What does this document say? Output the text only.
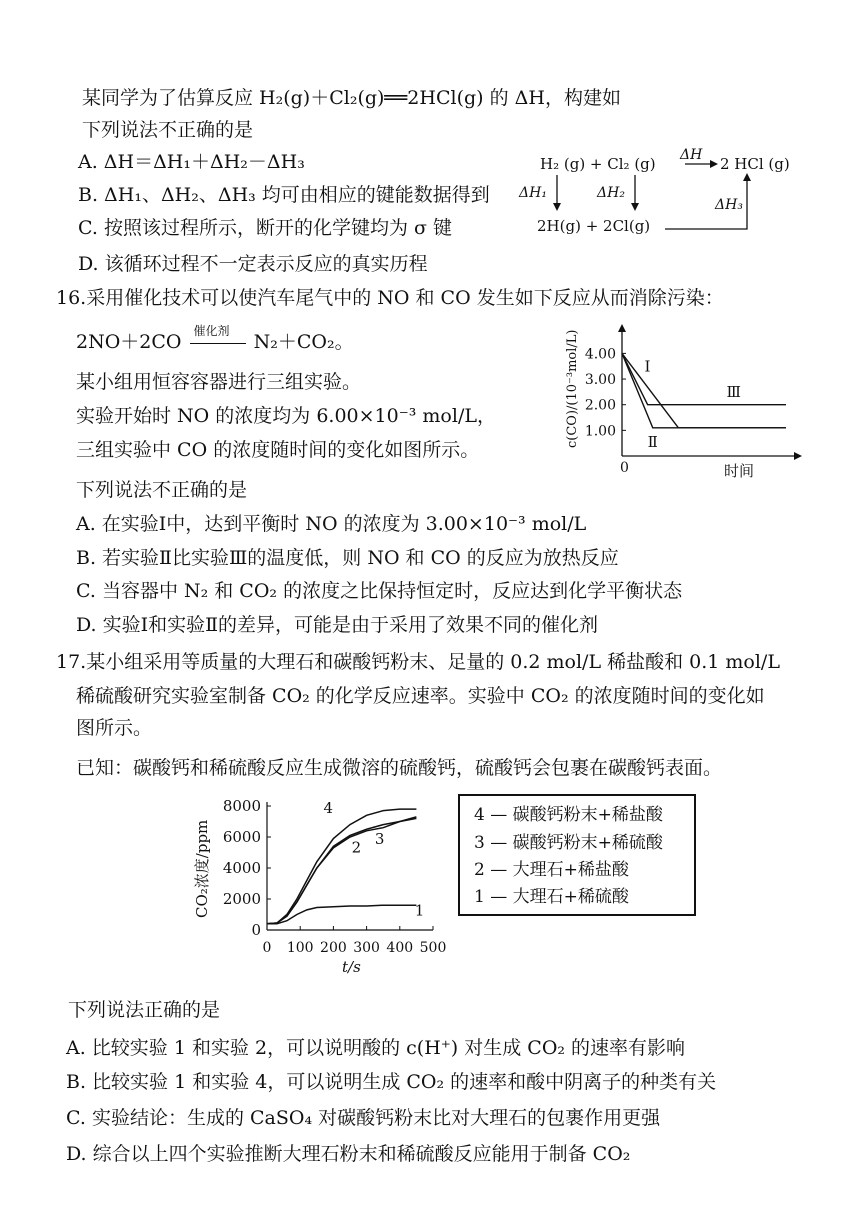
某同学为了估算反应 H₂(g)＋Cl₂(g)══2HCl(g) 的 ΔH，构建如
下列说法不正确的是
A. ΔH＝ΔH₁＋ΔH₂－ΔH₃
B. ΔH₁、ΔH₂、ΔH₃ 均可由相应的键能数据得到
C. 按照该过程所示，断开的化学键均为 σ 键
D. 该循环过程不一定表示反应的真实历程
H₂ (g) + Cl₂ (g) ΔH 2 HCl (g)
ΔH₁	ΔH₂
2H(g) + 2Cl(g)
ΔH₃
16.采用催化技术可以使汽车尾气中的 NO 和 CO 发生如下反应从而消除污染：
2NO＋2CO 催化剂 N₂＋CO₂。
某小组用恒容容器进行三组实验。
实验开始时 NO 的浓度均为 6.00×10⁻³ mol/L，
三组实验中 CO 的浓度随时间的变化如图所示。
下列说法不正确的是
A. 在实验Ⅰ中，达到平衡时 NO 的浓度为 3.00×10⁻³ mol/L
B. 若实验Ⅱ比实验Ⅲ的温度低，则 NO 和 CO 的反应为放热反应
C. 当容器中 N₂ 和 CO₂ 的浓度之比保持恒定时，反应达到化学平衡状态
D. 实验Ⅰ和实验Ⅱ的差异，可能是由于采用了效果不同的催化剂
1.00
2.00
3.00
4.00
0	时间
c(CO)/(10⁻³mol/L)	Ⅰ
Ⅱ
Ⅲ
17.某小组采用等质量的大理石和碳酸钙粉末、足量的 0.2 mol/L 稀盐酸和 0.1 mol/L
稀硫酸研究实验室制备 CO₂ 的化学反应速率。实验中 CO₂ 的浓度随时间的变化如
图所示。
已知：碳酸钙和稀硫酸反应生成微溶的硫酸钙，硫酸钙会包裹在碳酸钙表面。
0
2000
4000
6000
8000
0 100 200 300 400 500
t/s
CO₂浓度/ppm	1
2 3
4	4 — 碳酸钙粉末+稀盐酸
3 — 碳酸钙粉末+稀硫酸
2 — 大理石+稀盐酸
1 — 大理石+稀硫酸
下列说法正确的是
A. 比较实验 1 和实验 2，可以说明酸的 c(H⁺) 对生成 CO₂ 的速率有影响
B. 比较实验 1 和实验 4，可以说明生成 CO₂ 的速率和酸中阴离子的种类有关
C. 实验结论：生成的 CaSO₄ 对碳酸钙粉末比对大理石的包裹作用更强
D. 综合以上四个实验推断大理石粉末和稀硫酸反应能用于制备 CO₂
